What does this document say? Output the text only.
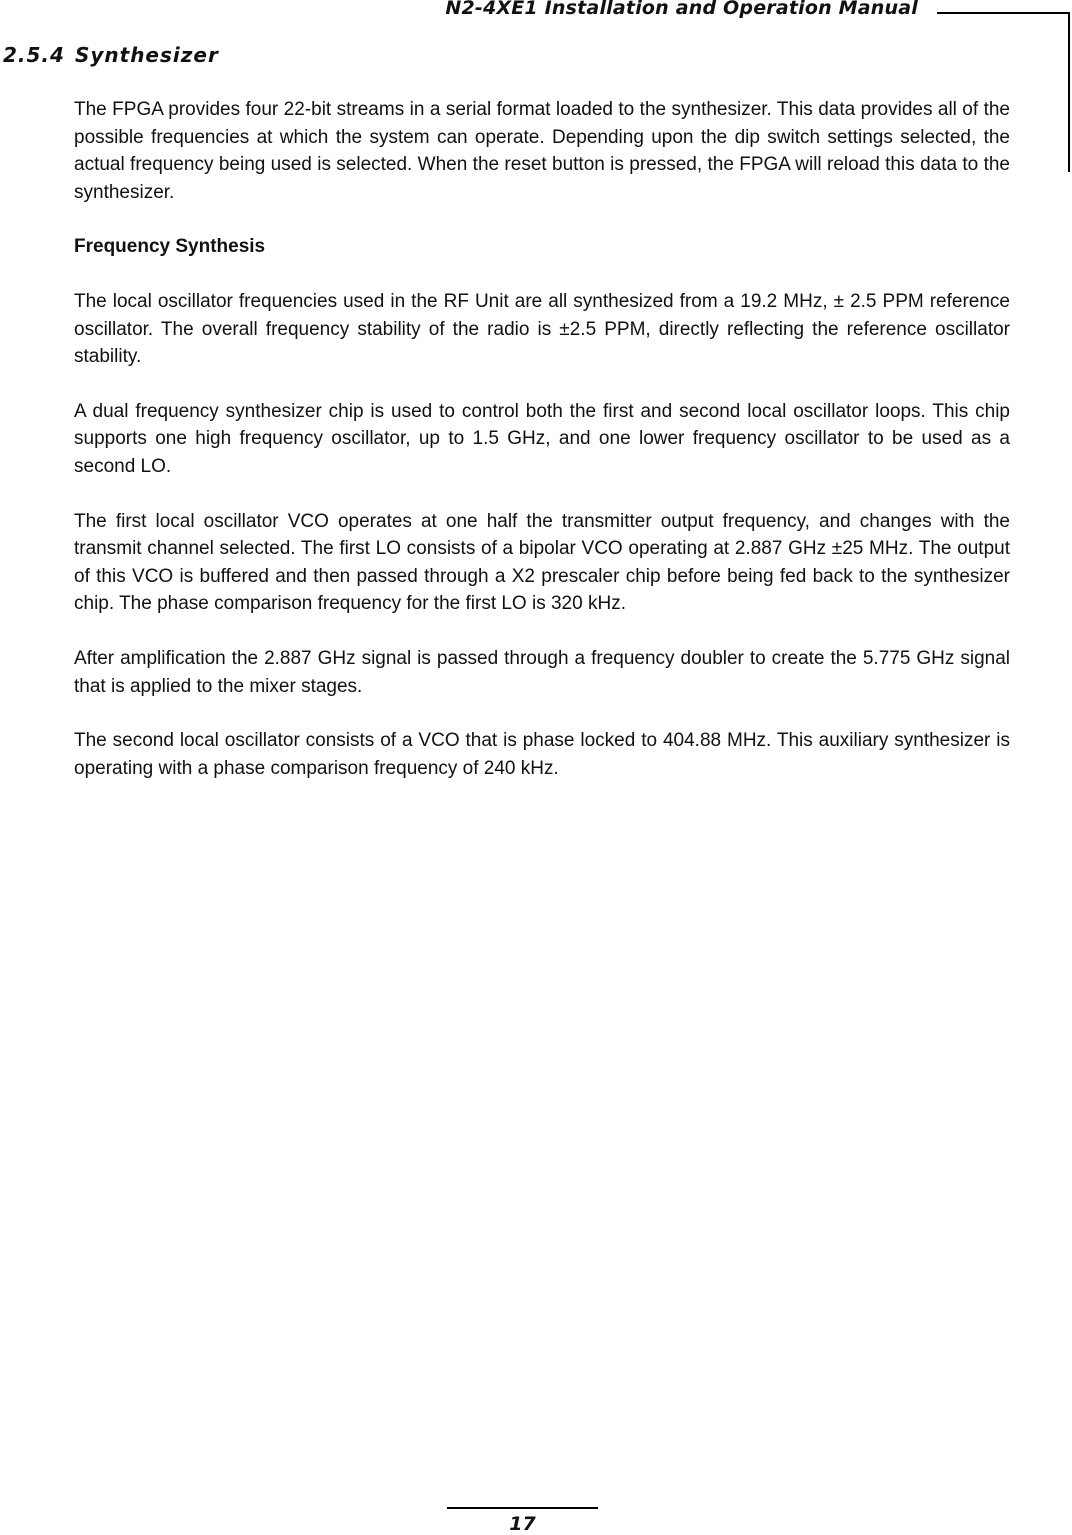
N2-4XE1 Installation and Operation Manual
2.5.4 Synthesizer

The FPGA provides four 22-bit streams in a serial format loaded to the synthesizer. This data provides all of the possible frequencies at which the system can operate. Depending upon the dip switch settings selected, the actual frequency being used is selected. When the reset button is pressed, the FPGA will reload this data to the synthesizer.

Frequency Synthesis

The local oscillator frequencies used in the RF Unit are all synthesized from a 19.2 MHz, ± 2.5 PPM reference oscillator. The overall frequency stability of the radio is ±2.5 PPM, directly reflecting the reference oscillator stability.

A dual frequency synthesizer chip is used to control both the first and second local oscillator loops. This chip supports one high frequency oscillator, up to 1.5 GHz, and one lower frequency oscillator to be used as a second LO.

The first local oscillator VCO operates at one half the transmitter output frequency, and changes with the transmit channel selected. The first LO consists of a bipolar VCO operating at 2.887 GHz ±25 MHz. The output of this VCO is buffered and then passed through a X2 prescaler chip before being fed back to the synthesizer chip. The phase comparison frequency for the first LO is 320 kHz.

After amplification the 2.887 GHz signal is passed through a frequency doubler to create the 5.775 GHz signal that is applied to the mixer stages.

The second local oscillator consists of a VCO that is phase locked to 404.88 MHz. This auxiliary synthesizer is operating with a phase comparison frequency of 240 kHz.

17
